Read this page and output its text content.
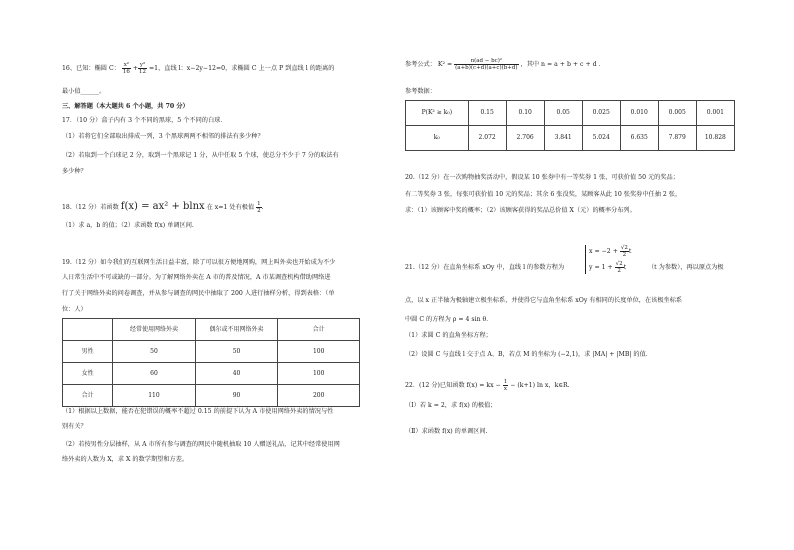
16、已知：椭圆 C： $\frac{\text{x²}}{16} + \frac{\text{y²}}{12} =1$，直线 l：x−2y−12=0，求椭圆 C 上一点 P 到直线 l 的距离的
最小值______。
三、解答题（本大题共 6 个小题，共 70 分）
17．（10 分）盒子内有 3 个不同的黑球，5 个不同的白球．
（1）若将它们全部取出排成一列，3 个黑球两两不相邻的排法有多少种？
（2）若取到一个白球记 2 分，取到一个黑球记 1 分，从中任取 5 个球，使总分不少于 7 分的取法有
多少种？
18.（12 分）若函数 f(x) = ax² + blnx 在 x=1 处有极值 $\frac{1}{2}$ .
（1）求 a，b 的值；（2）求函数 f(x) 单调区间.
19.（12 分）如今我们的互联网生活日益丰富，除了可以很方便地网购，网上叫外卖也开始成为不少
人日常生活中不可或缺的一部分。为了解网络外卖在 A 市的普及情况，A 市某调查机构借助网络进
行了关于网络外卖的问卷调查，并从参与调查的网民中抽取了 200 人进行抽样分析，得到表格：（单
位：人）
	经常使用网络外卖	偶尔或不用网络外卖	合计
男性	50	50	100
女性	60	40	100
合计	110	90	200
（1）根据以上数据，能否在犯错误的概率不超过 0.15 的前提下认为 A 市使用网络外卖的情况与性
别有关？
（2）若按男性分层抽样，从 A 市所有参与调查的网民中随机抽取 10 人赠送礼品，记其中经常使用网
络外卖的人数为 X，求 X 的数学期望和方差。
参考公式： $K^2 = \frac{\text{n(ad − bc)²}}{(a+b)(c+d)(a+c)(b+d)}$ ，其中 n = a + b + c + d ．
参考数据：
P(K² ≥ k₀)	0.15	0.10	0.05	0.025	0.010	0.005	0.001
k₀	2.072	2.706	3.841	5.024	6.635	7.879	10.828
20.（12 分）在一次购物抽奖活动中，假设某 10 张券中有一等奖券 1 张，可获价值 50 元的奖品；
有二等奖券 3 张，每张可获价值 10 元的奖品；其余 6 张没奖，某顾客从此 10 张奖券中任抽 2 张，
求：（1）该顾客中奖的概率；（2）该顾客获得的奖品总价值 X（元）的概率分布列。
21.（12 分）在直角坐标系 xOy 中，直线 l 的参数方程为
$x = -2 + \frac{√2}{2}$ t
$y = 1 + \frac{√2}{2}$ t	（t 为参数），再以原点为极
点，以 x 正半轴为极轴建立极坐标系，并使得它与直角坐标系 xOy 有相同的长度单位，在该极坐标系
中圆 C 的方程为 ρ = 4 sin θ．
（1）求圆 C 的直角坐标方程；
（2）设圆 C 与直线 l 交于点 A、B，若点 M 的坐标为 (−2,1)，求 |MA| + |MB| 的值．
22．(12 分)已知函数 f(x) = kx − $\frac{1}{x} - (k+1)$ ln x，k∈R.
（Ⅰ）若 k = 2，求 f(x) 的极值；
（Ⅱ）求函数 f(x) 的单调区间.
